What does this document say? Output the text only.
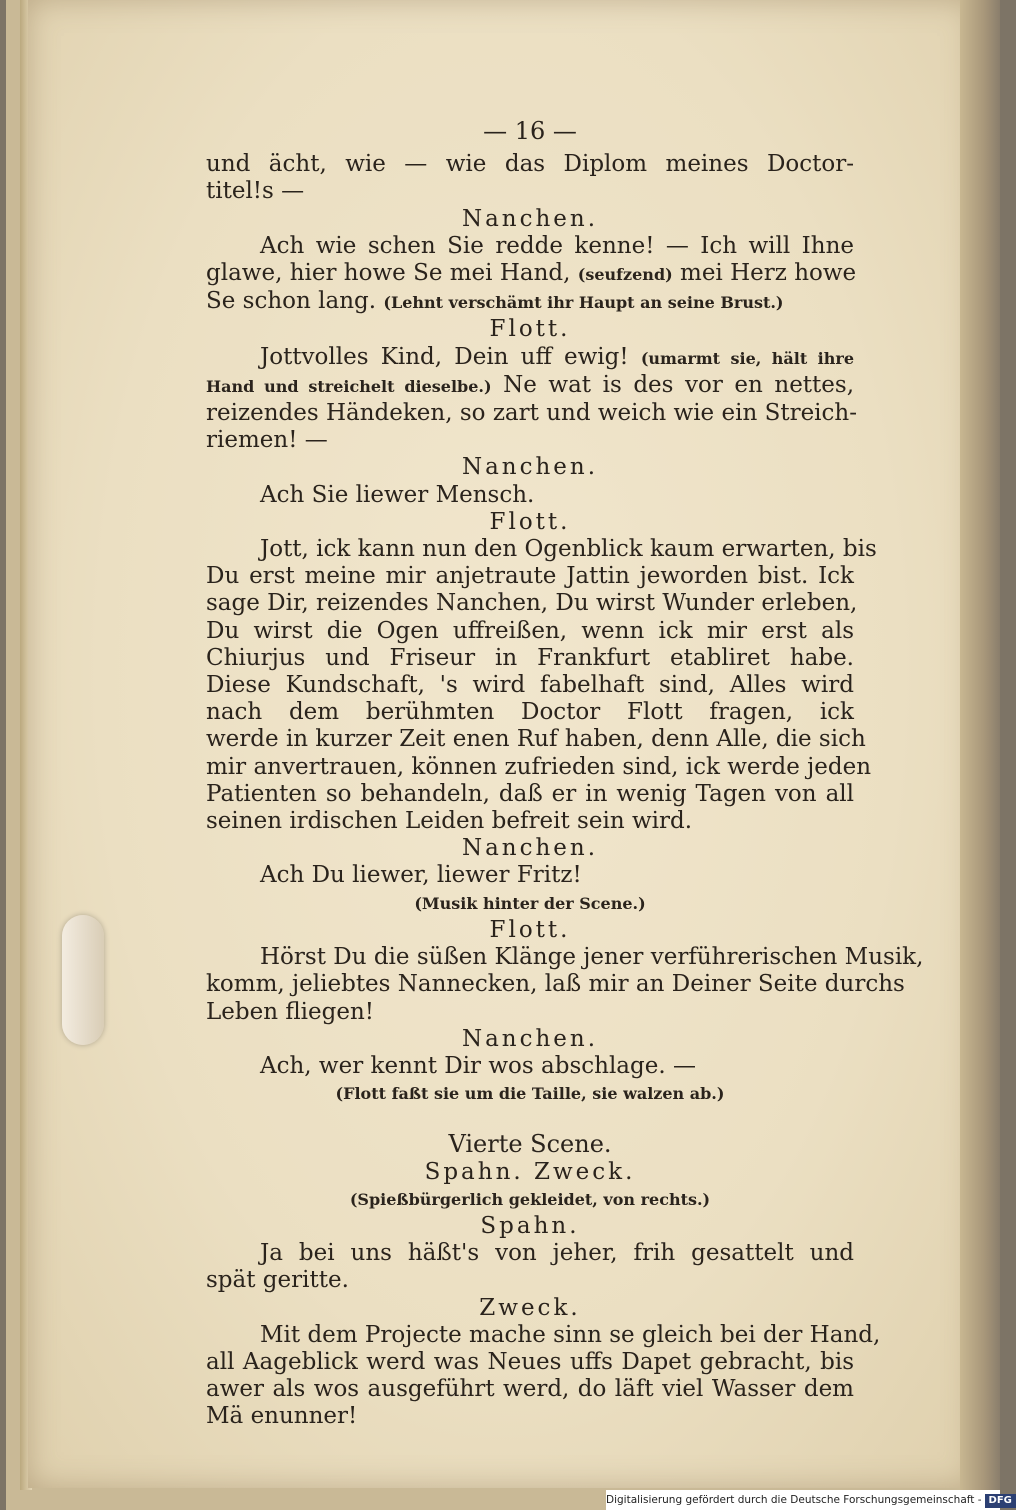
— 16 —
und ächt, wie — wie das Diplom meines Doctor-
titel!s —
Nanchen.
Ach wie schen Sie redde kenne! — Ich will Ihne
glawe, hier howe Se mei Hand, (seufzend) mei Herz howe
Se schon lang. (Lehnt verschämt ihr Haupt an seine Brust.)
Flott.
Jottvolles Kind, Dein uff ewig! (umarmt sie, hält ihre
Hand und streichelt dieselbe.) Ne wat is des vor en nettes,
reizendes Händeken, so zart und weich wie ein Streich-
riemen! —
Nanchen.
Ach Sie liewer Mensch.
Flott.
Jott, ick kann nun den Ogenblick kaum erwarten, bis
Du erst meine mir anjetraute Jattin jeworden bist. Ick
sage Dir, reizendes Nanchen, Du wirst Wunder erleben,
Du wirst die Ogen uffreißen, wenn ick mir erst als
Chiurjus und Friseur in Frankfurt etabliret habe.
Diese Kundschaft, 's wird fabelhaft sind, Alles wird
nach dem berühmten Doctor Flott fragen, ick
werde in kurzer Zeit enen Ruf haben, denn Alle, die sich
mir anvertrauen, können zufrieden sind, ick werde jeden
Patienten so behandeln, daß er in wenig Tagen von all
seinen irdischen Leiden befreit sein wird.
Nanchen.
Ach Du liewer, liewer Fritz!
(Musik hinter der Scene.)
Flott.
Hörst Du die süßen Klänge jener verführerischen Musik,
komm, jeliebtes Nannecken, laß mir an Deiner Seite durchs
Leben fliegen!
Nanchen.
Ach, wer kennt Dir wos abschlage. —
(Flott faßt sie um die Taille, sie walzen ab.)
Vierte Scene.
Spahn. Zweck.
(Spießbürgerlich gekleidet, von rechts.)
Spahn.
Ja bei uns häßt's von jeher, frih gesattelt und
spät geritte.
Zweck.
Mit dem Projecte mache sinn se gleich bei der Hand,
all Aageblick werd was Neues uffs Dapet gebracht, bis
awer als wos ausgeführt werd, do läft viel Wasser dem
Mä enunner!
Digitalisierung gefördert durch die Deutsche Forschungsgemeinschaft - DFG
